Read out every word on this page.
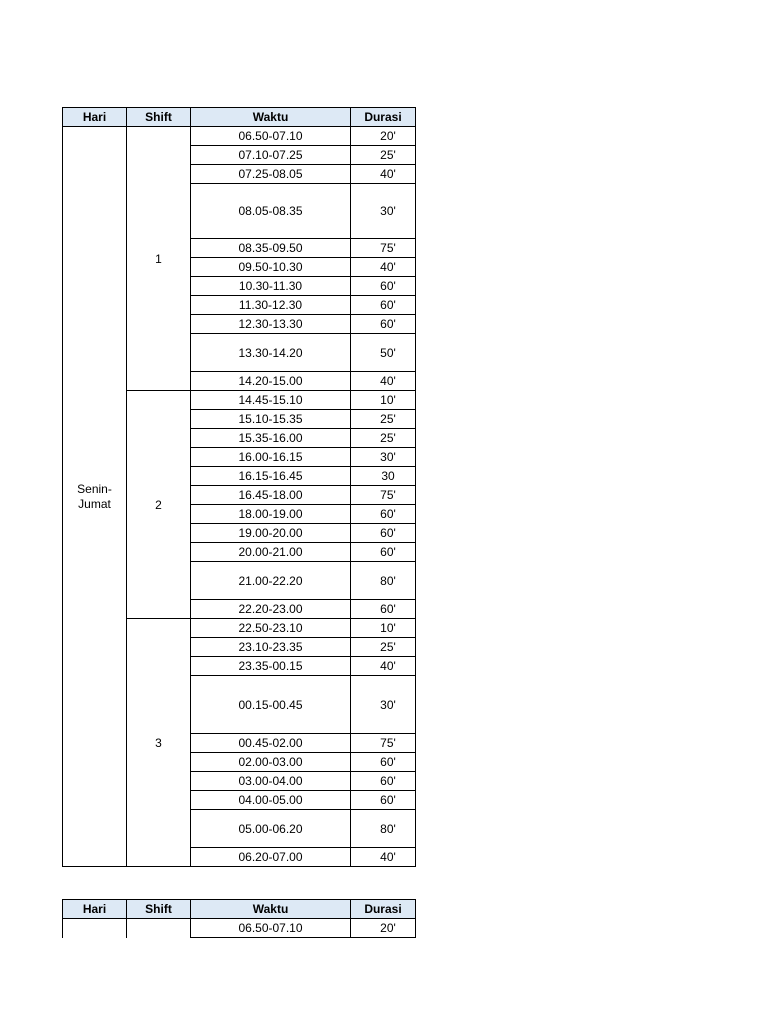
Hari	Shift	Waktu	Durasi

Senin-
Jumat	1	06.50-07.10	20'
		07.10-07.25	25'
		07.25-08.05	40'
		08.05-08.35	30'
		08.35-09.50	75'
		09.50-10.30	40'
		10.30-11.30	60'
		11.30-12.30	60'
		12.30-13.30	60'
		13.30-14.20	50'
		14.20-15.00	40'
	2	14.45-15.10	10'
		15.10-15.35	25'
		15.35-16.00	25'
		16.00-16.15	30'
		16.15-16.45	30
		16.45-18.00	75'
		18.00-19.00	60'
		19.00-20.00	60'
		20.00-21.00	60'
		21.00-22.20	80'
		22.20-23.00	60'
	3	22.50-23.10	10'
		23.10-23.35	25'
		23.35-00.15	40'
		00.15-00.45	30'
		00.45-02.00	75'
		02.00-03.00	60'
		03.00-04.00	60'
		04.00-05.00	60'
		05.00-06.20	80'
		06.20-07.00	40'
Hari	Shift	Waktu	Durasi
		06.50-07.10	20'
